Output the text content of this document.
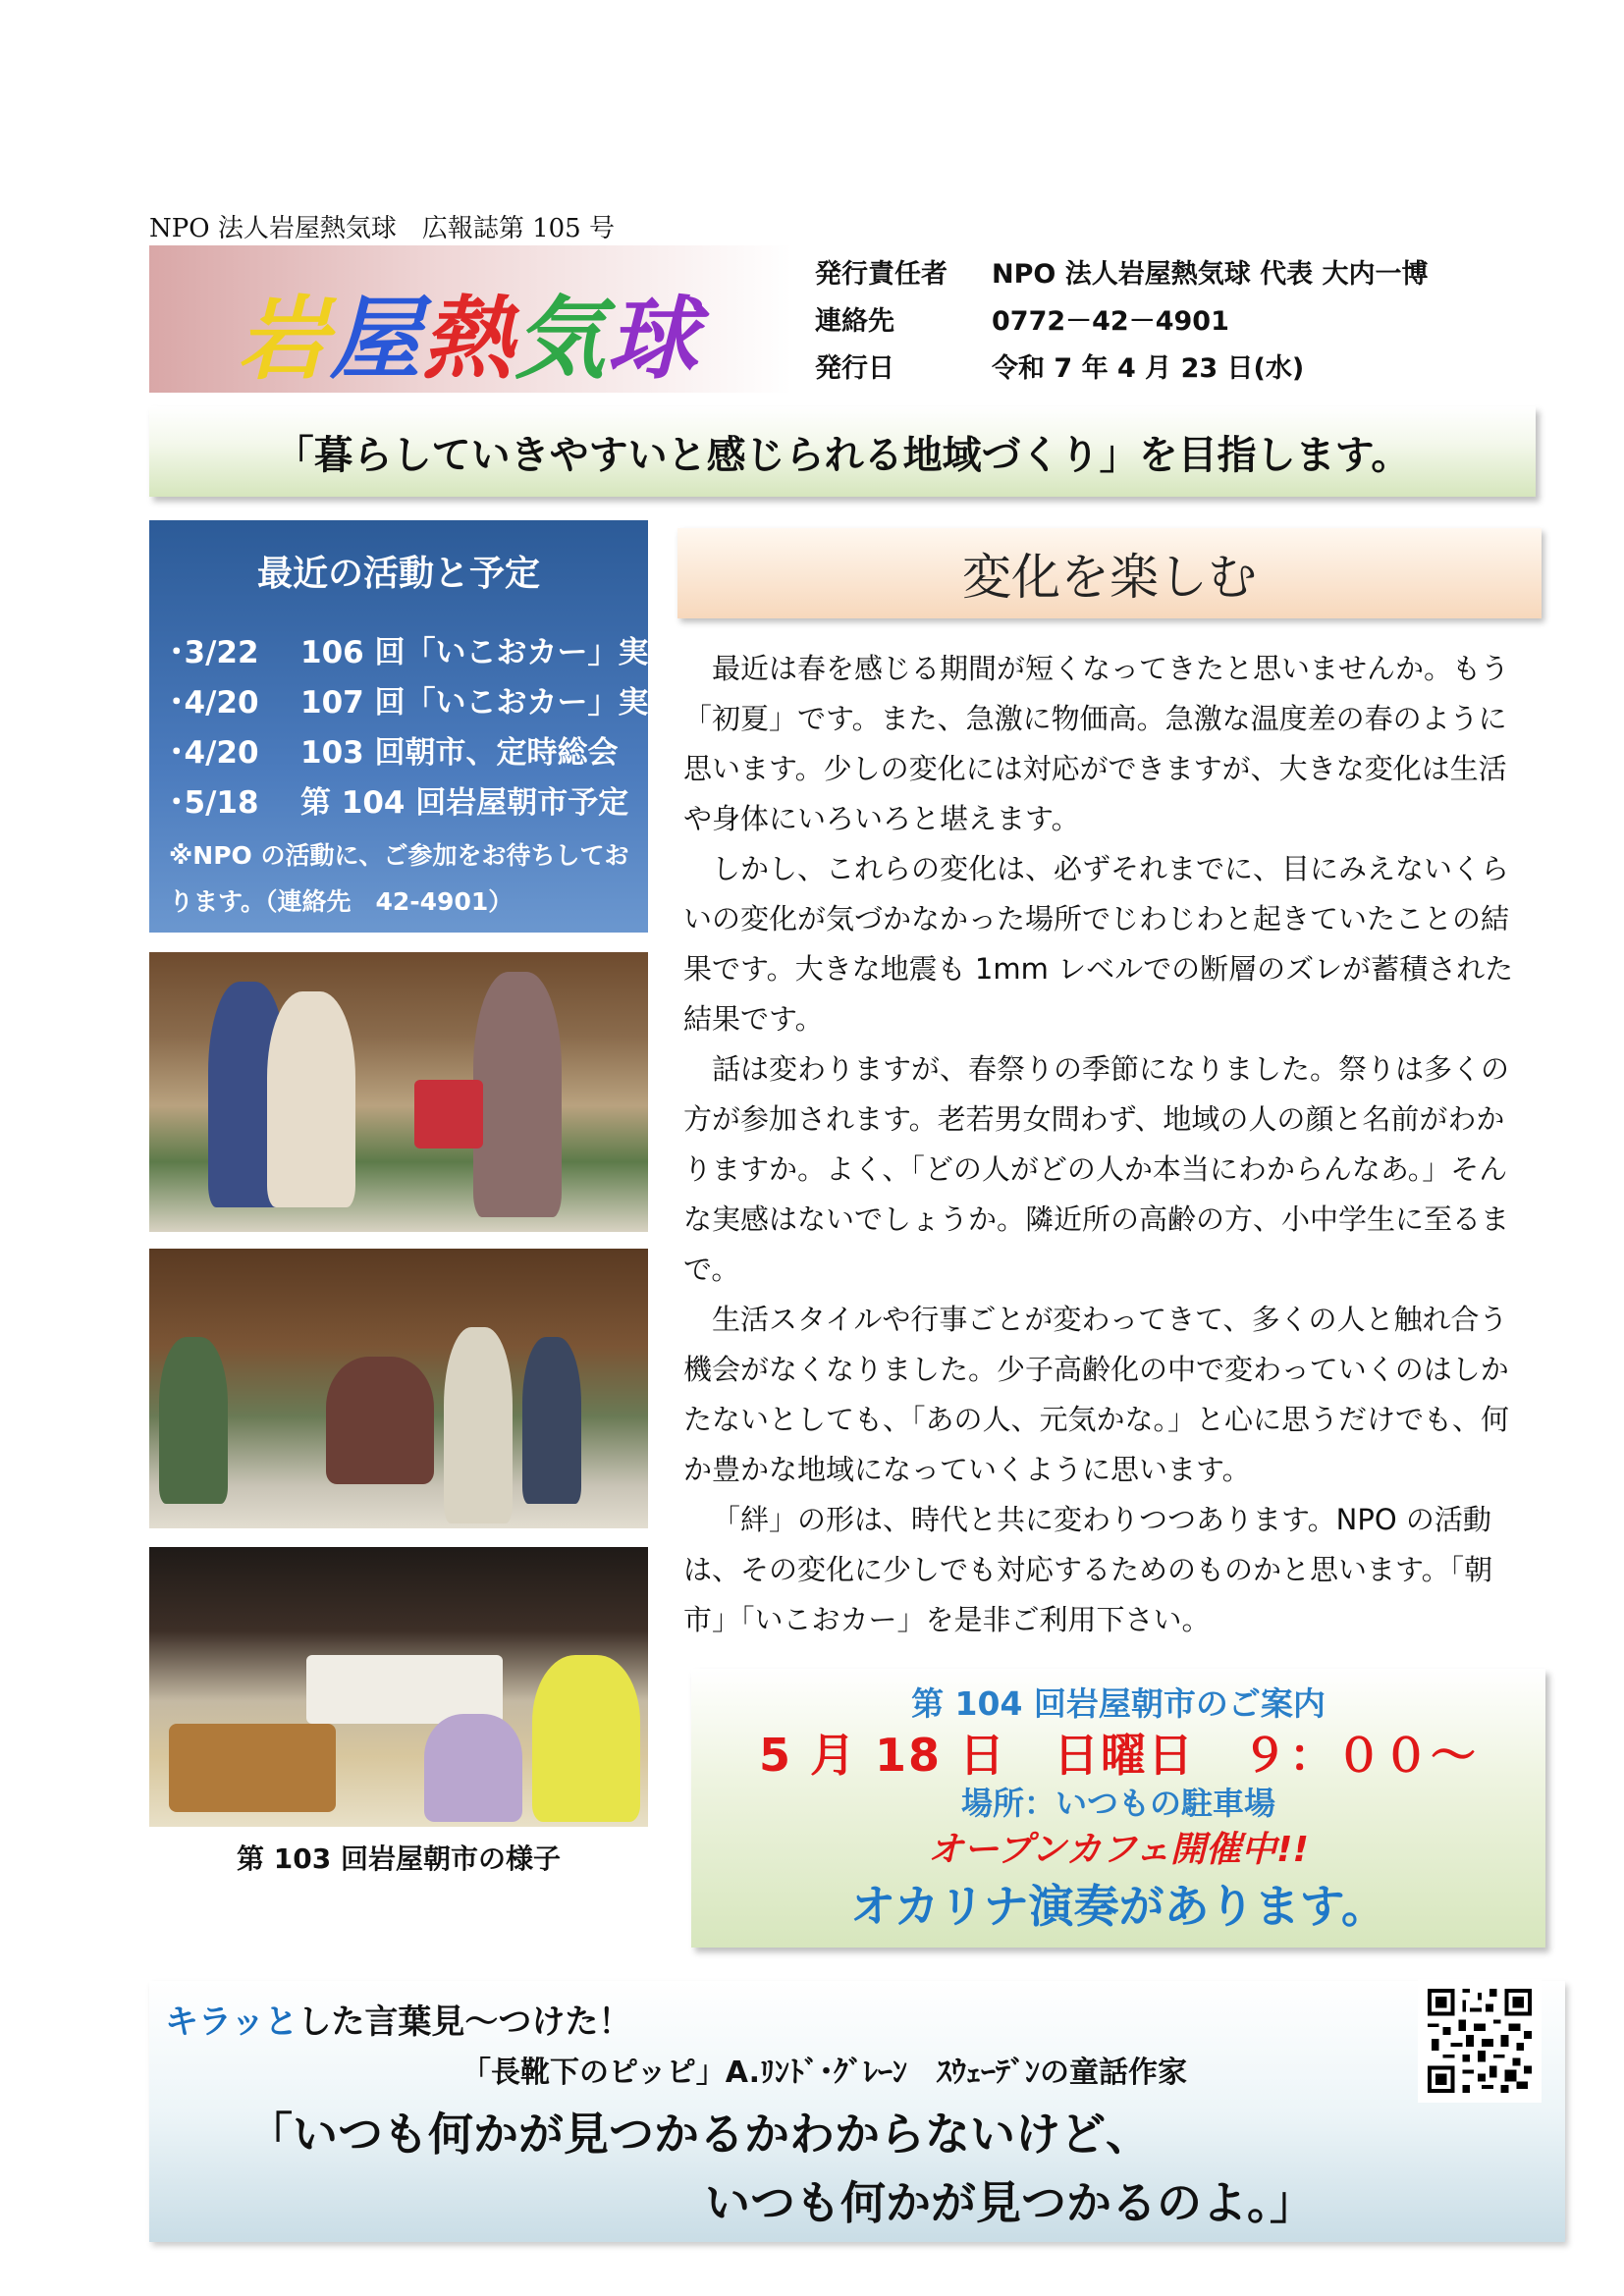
NPO 法人岩屋熱気球　広報誌第 105 号
岩屋熱気球
発行責任者	NPO 法人岩屋熱気球 代表 大内一博
連絡先	0772－42－4901
発行日	令和 7 年 4 月 23 日(水)
「暮らしていきやすいと感じられる地域づくり」を目指します。
最近の活動と予定
･3/22	106 回「いこおカー」実施
･4/20	107 回「いこおカー」実施
･4/20	103 回朝市、定時総会
･5/18	第 104 回岩屋朝市予定
※NPO の活動に、ご参加をお待ちしております。（連絡先　42-4901）
第 103 回岩屋朝市の様子
変化を楽しむ

最近は春を感じる期間が短くなってきたと思いませんか。もう「初夏」です。また、急激に物価高。急激な温度差の春のように思います。少しの変化には対応ができますが、大きな変化は生活や身体にいろいろと堪えます。

しかし、これらの変化は、必ずそれまでに、目にみえないくらいの変化が気づかなかった場所でじわじわと起きていたことの結果です。大きな地震も 1mm レベルでの断層のズレが蓄積された結果です。

話は変わりますが、春祭りの季節になりました。祭りは多くの方が参加されます。老若男女問わず、地域の人の顔と名前がわかりますか。よく、「どの人がどの人か本当にわからんなあ。」そんな実感はないでしょうか。隣近所の高齢の方、小中学生に至るまで。

生活スタイルや行事ごとが変わってきて、多くの人と触れ合う機会がなくなりました。少子高齢化の中で変わっていくのはしかたないとしても、「あの人、元気かな。」と心に思うだけでも、何か豊かな地域になっていくように思います。

「絆」の形は、時代と共に変わりつつあります。NPO の活動は、その変化に少しでも対応するためのものかと思います。「朝市」「いこおカー」を是非ご利用下さい。

第 104 回岩屋朝市のご案内
5 月 18 日　日曜日　９：００～
場所：いつもの駐車場
オープンカフェ開催中!!
オカリナ演奏があります。
キラッとした言葉見～つけた！
「長靴下のピッピ」A.ﾘﾝﾄﾞ･ｸﾞﾚｰﾝ　ｽｳｪｰﾃﾞﾝの童話作家
「いつも何かが見つかるかわからないけど、
いつも何かが見つかるのよ。」
